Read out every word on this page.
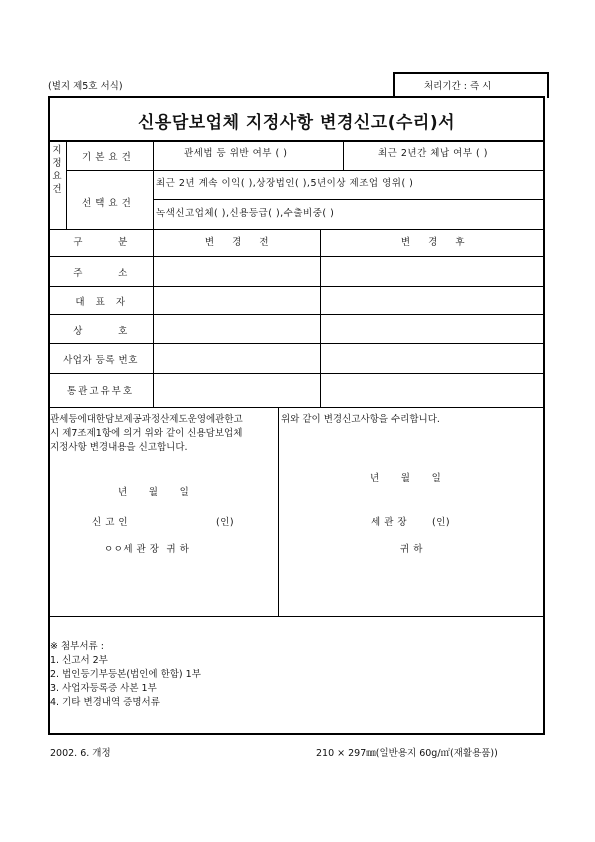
(별지 제5호 서식)	처리기간 : 즉 시
신용담보업체 지정사항 변경신고(수리)서
지
정
요
건
기 본 요 건	관세법 등 위반 여부 ( )	최근 2년간 체납 여부 ( )
선 택 요 건
최근 2년 계속 이익( ),상장법인( ),5년이상 제조업 영위( )
녹색신고업체( ),신용등급( ),수출비중( )
구          분	변     경     전	변     경     후
주          소
대   표   자
상          호
사업자 등록 번호
통관고유부호
관세등에대한담보제공과정산제도운영에관한고
시 제7조제1항에 의거 위와 같이 신용담보업체
지정사항 변경내용을 신고합니다.
년      월      일
신 고 인	(인)
ㅇㅇ세 관 장  귀 하
위와 같이 변경신고사항을 수리합니다.
년      월      일
세 관 장	(인)
귀 하
※ 첨부서류 :
1. 신고서 2부
2. 법인등기부등본(법인에 한함) 1부
3. 사업자등록증 사본 1부
4. 기타 변경내역 증명서류
2002. 6. 개정	210 × 297㎜(일반용지 60g/㎡(재활용품))
